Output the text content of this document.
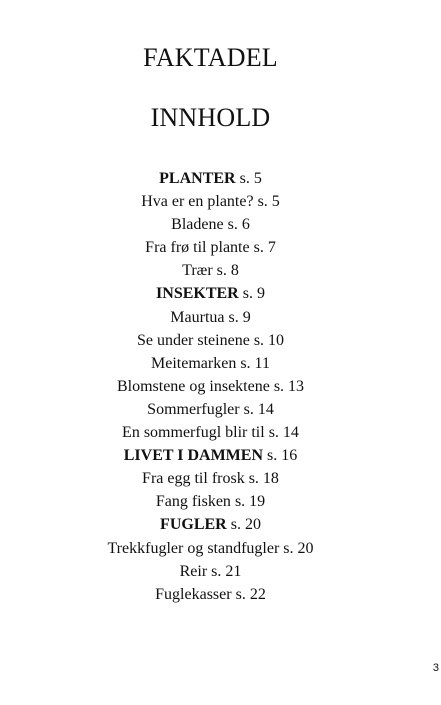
FAKTADEL
INNHOLD
PLANTER s. 5
Hva er en plante? s. 5
Bladene s. 6
Fra frø til plante s. 7
Trær s. 8
INSEKTER s. 9
Maurtua s. 9
Se under steinene s. 10
Meitemarken s. 11
Blomstene og insektene s. 13
Sommerfugler s. 14
En sommerfugl blir til s. 14
LIVET I DAMMEN s. 16
Fra egg til frosk s. 18
Fang fisken s. 19
FUGLER s. 20
Trekkfugler og standfugler s. 20
Reir s. 21
Fuglekasser s. 22
3
